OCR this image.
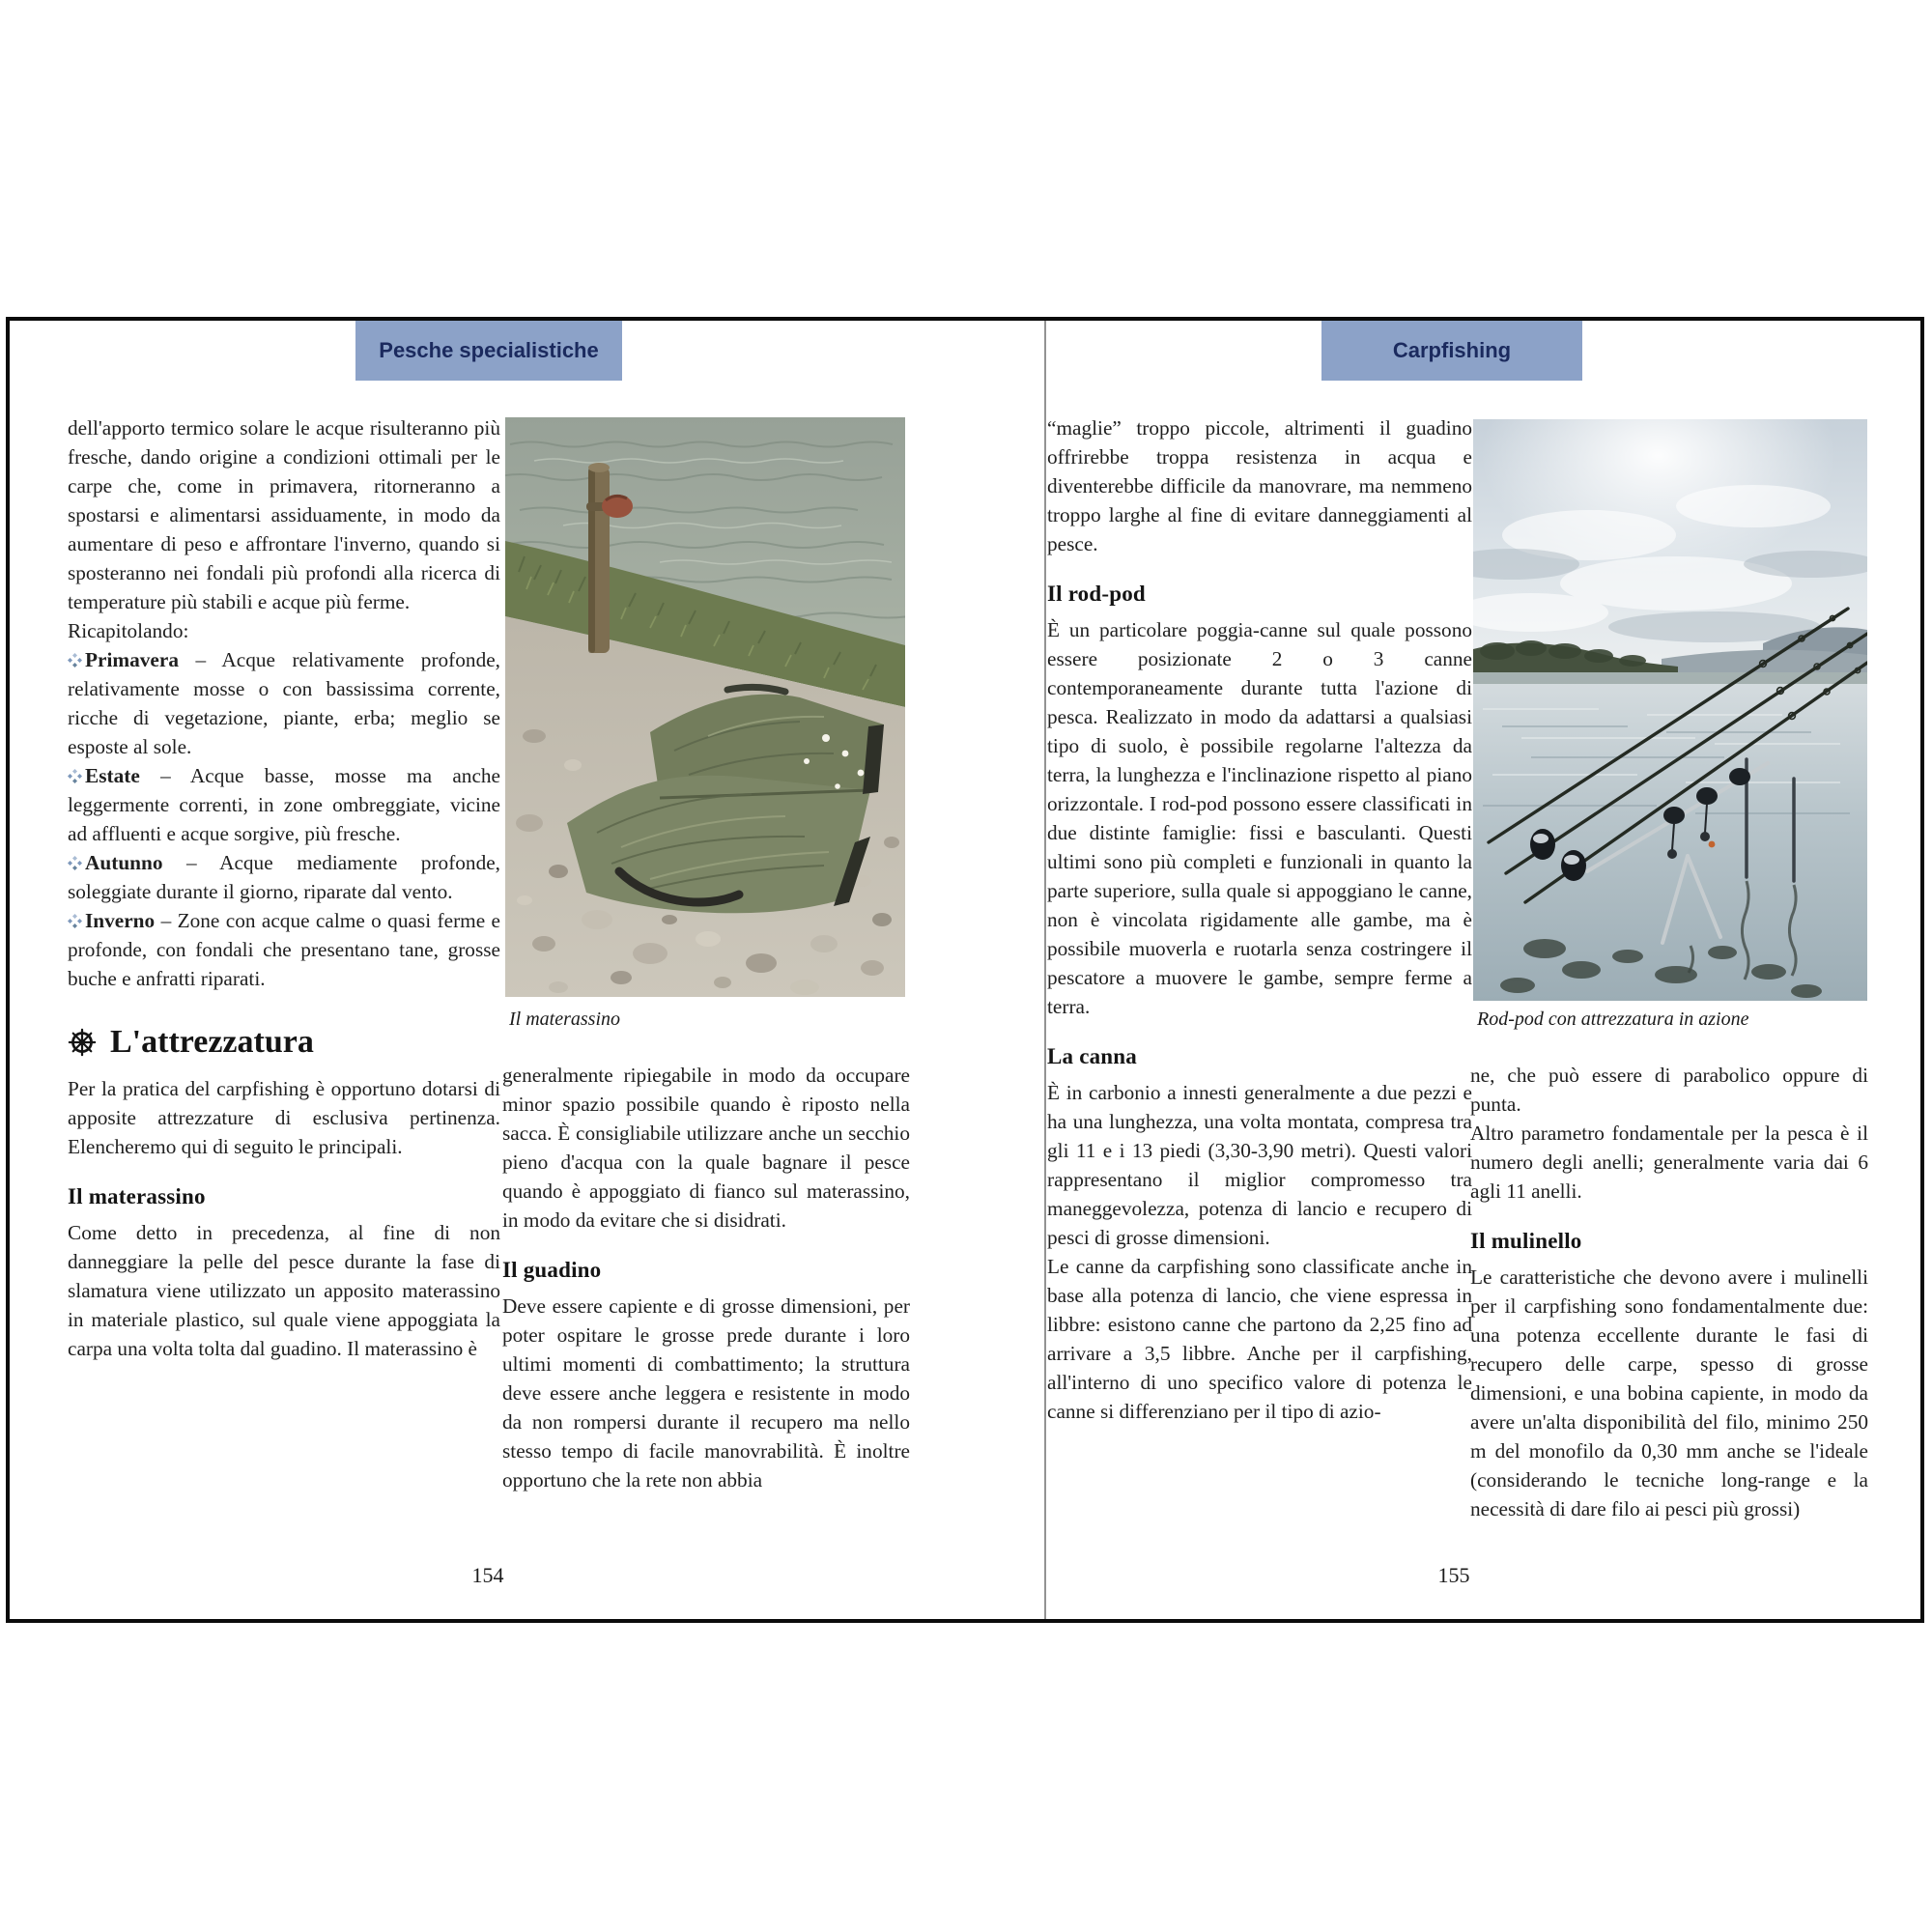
Pesche specialistiche	Carpfishing

dell'apporto termico solare le acque risulteranno più fresche, dando origine a condizioni ottimali per le carpe che, come in primavera, ritorneranno a spostarsi e alimentarsi assiduamente, in modo da aumentare di peso e affrontare l'inverno, quando si sposteranno nei fondali più profondi alla ricerca di temperature più stabili e acque più ferme.

Ricapitolando:

Primavera – Acque relativamente profonde, relativamente mosse o con bassissima corrente, ricche di vegetazione, piante, erba; meglio se esposte al sole.

Estate – Acque basse, mosse ma anche leggermente correnti, in zone ombreggiate, vicine ad affluenti e acque sorgive, più fresche.

Autunno – Acque mediamente profonde, soleggiate durante il giorno, riparate dal vento.

Inverno – Zone con acque calme o quasi ferme e profonde, con fondali che presentano tane, grosse buche e anfratti riparati.

L'attrezzatura

Per la pratica del carpfishing è opportuno dotarsi di apposite attrezzature di esclusiva pertinenza. Elencheremo qui di seguito le principali.

Il materassino

Come detto in precedenza, al fine di non danneggiare la pelle del pesce durante la fase di slamatura viene utilizzato un apposito materassino in materiale plastico, sul quale viene appoggiata la carpa una volta tolta dal guadino. Il materassino è

Il materassino

generalmente ripiegabile in modo da occupare minor spazio possibile quando è riposto nella sacca. È consigliabile utilizzare anche un secchio pieno d'acqua con la quale bagnare il pesce quando è appoggiato di fianco sul materassino, in modo da evitare che si disidrati.

Il guadino

Deve essere capiente e di grosse dimensioni, per poter ospitare le grosse prede durante i loro ultimi momenti di combattimento; la struttura deve essere anche leggera e resistente in modo da non rompersi durante il recupero ma nello stesso tempo di facile manovrabilità. È inoltre opportuno che la rete non abbia

“maglie” troppo piccole, altrimenti il guadino offrirebbe troppa resistenza in acqua e diventerebbe difficile da manovrare, ma nemmeno troppo larghe al fine di evitare danneggiamenti al pesce.

Il rod-pod

È un particolare poggia-canne sul quale possono essere posizionate 2 o 3 canne contemporaneamente durante tutta l'azione di pesca. Realizzato in modo da adattarsi a qualsiasi tipo di suolo, è possibile regolarne l'altezza da terra, la lunghezza e l'inclinazione rispetto al piano orizzontale. I rod-pod possono essere classificati in due distinte famiglie: fissi e basculanti. Questi ultimi sono più completi e funzionali in quanto la parte superiore, sulla quale si appoggiano le canne, non è vincolata rigidamente alle gambe, ma è possibile muoverla e ruotarla senza costringere il pescatore a muovere le gambe, sempre ferme a terra.

La canna

È in carbonio a innesti generalmente a due pezzi e ha una lunghezza, una volta montata, compresa tra gli 11 e i 13 piedi (3,30-3,90 metri). Questi valori rappresentano il miglior compromesso tra maneggevolezza, potenza di lancio e recupero di pesci di grosse dimensioni.

Le canne da carpfishing sono classificate anche in base alla potenza di lancio, che viene espressa in libbre: esistono canne che partono da 2,25 fino ad arrivare a 3,5 libbre. Anche per il carpfishing, all'interno di uno specifico valore di potenza le canne si differenziano per il tipo di azio-

Rod-pod con attrezzatura in azione

ne, che può essere di parabolico oppure di punta.

Altro parametro fondamentale per la pesca è il numero degli anelli; generalmente varia dai 6 agli 11 anelli.

Il mulinello

Le caratteristiche che devono avere i mulinelli per il carpfishing sono fondamentalmente due: una potenza eccellente durante le fasi di recupero delle carpe, spesso di grosse dimensioni, e una bobina capiente, in modo da avere un'alta disponibilità del filo, minimo 250 m del monofilo da 0,30 mm anche se l'ideale (considerando le tecniche long-range e la necessità di dare filo ai pesci più grossi)

154	155
